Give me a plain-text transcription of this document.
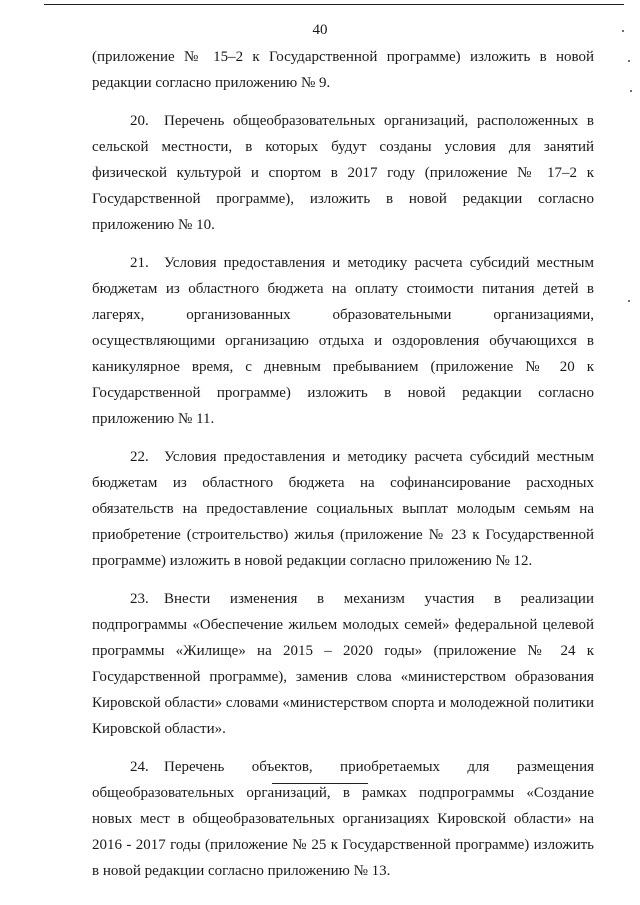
40

(приложение № 15–2 к Государственной программе) изложить в новой редакции согласно приложению № 9.

20. Перечень общеобразовательных организаций, расположенных в сельской местности, в которых будут созданы условия для занятий физической культурой и спортом в 2017 году (приложение № 17–2 к Государственной программе), изложить в новой редакции согласно приложению № 10.

21. Условия предоставления и методику расчета субсидий местным бюджетам из областного бюджета на оплату стоимости питания детей в лагерях, организованных образовательными организациями, осуществляющими организацию отдыха и оздоровления обучающихся в каникулярное время, с дневным пребыванием (приложение № 20 к Государственной программе) изложить в новой редакции согласно приложению № 11.

22. Условия предоставления и методику расчета субсидий местным бюджетам из областного бюджета на софинансирование расходных обязательств на предоставление социальных выплат молодым семьям на приобретение (строительство) жилья (приложение № 23 к Государственной программе) изложить в новой редакции согласно приложению № 12.

23. Внести изменения в механизм участия в реализации подпрограммы «Обеспечение жильем молодых семей» федеральной целевой программы «Жилище» на 2015 – 2020 годы» (приложение № 24 к Государственной программе), заменив слова «министерством образования Кировской области» словами «министерством спорта и молодежной политики Кировской области».

24. Перечень объектов, приобретаемых для размещения общеобразовательных организаций, в рамках подпрограммы «Создание новых мест в общеобразовательных организациях Кировской области» на 2016 - 2017 годы (приложение № 25 к Государственной программе) изложить в новой редакции согласно приложению № 13.
